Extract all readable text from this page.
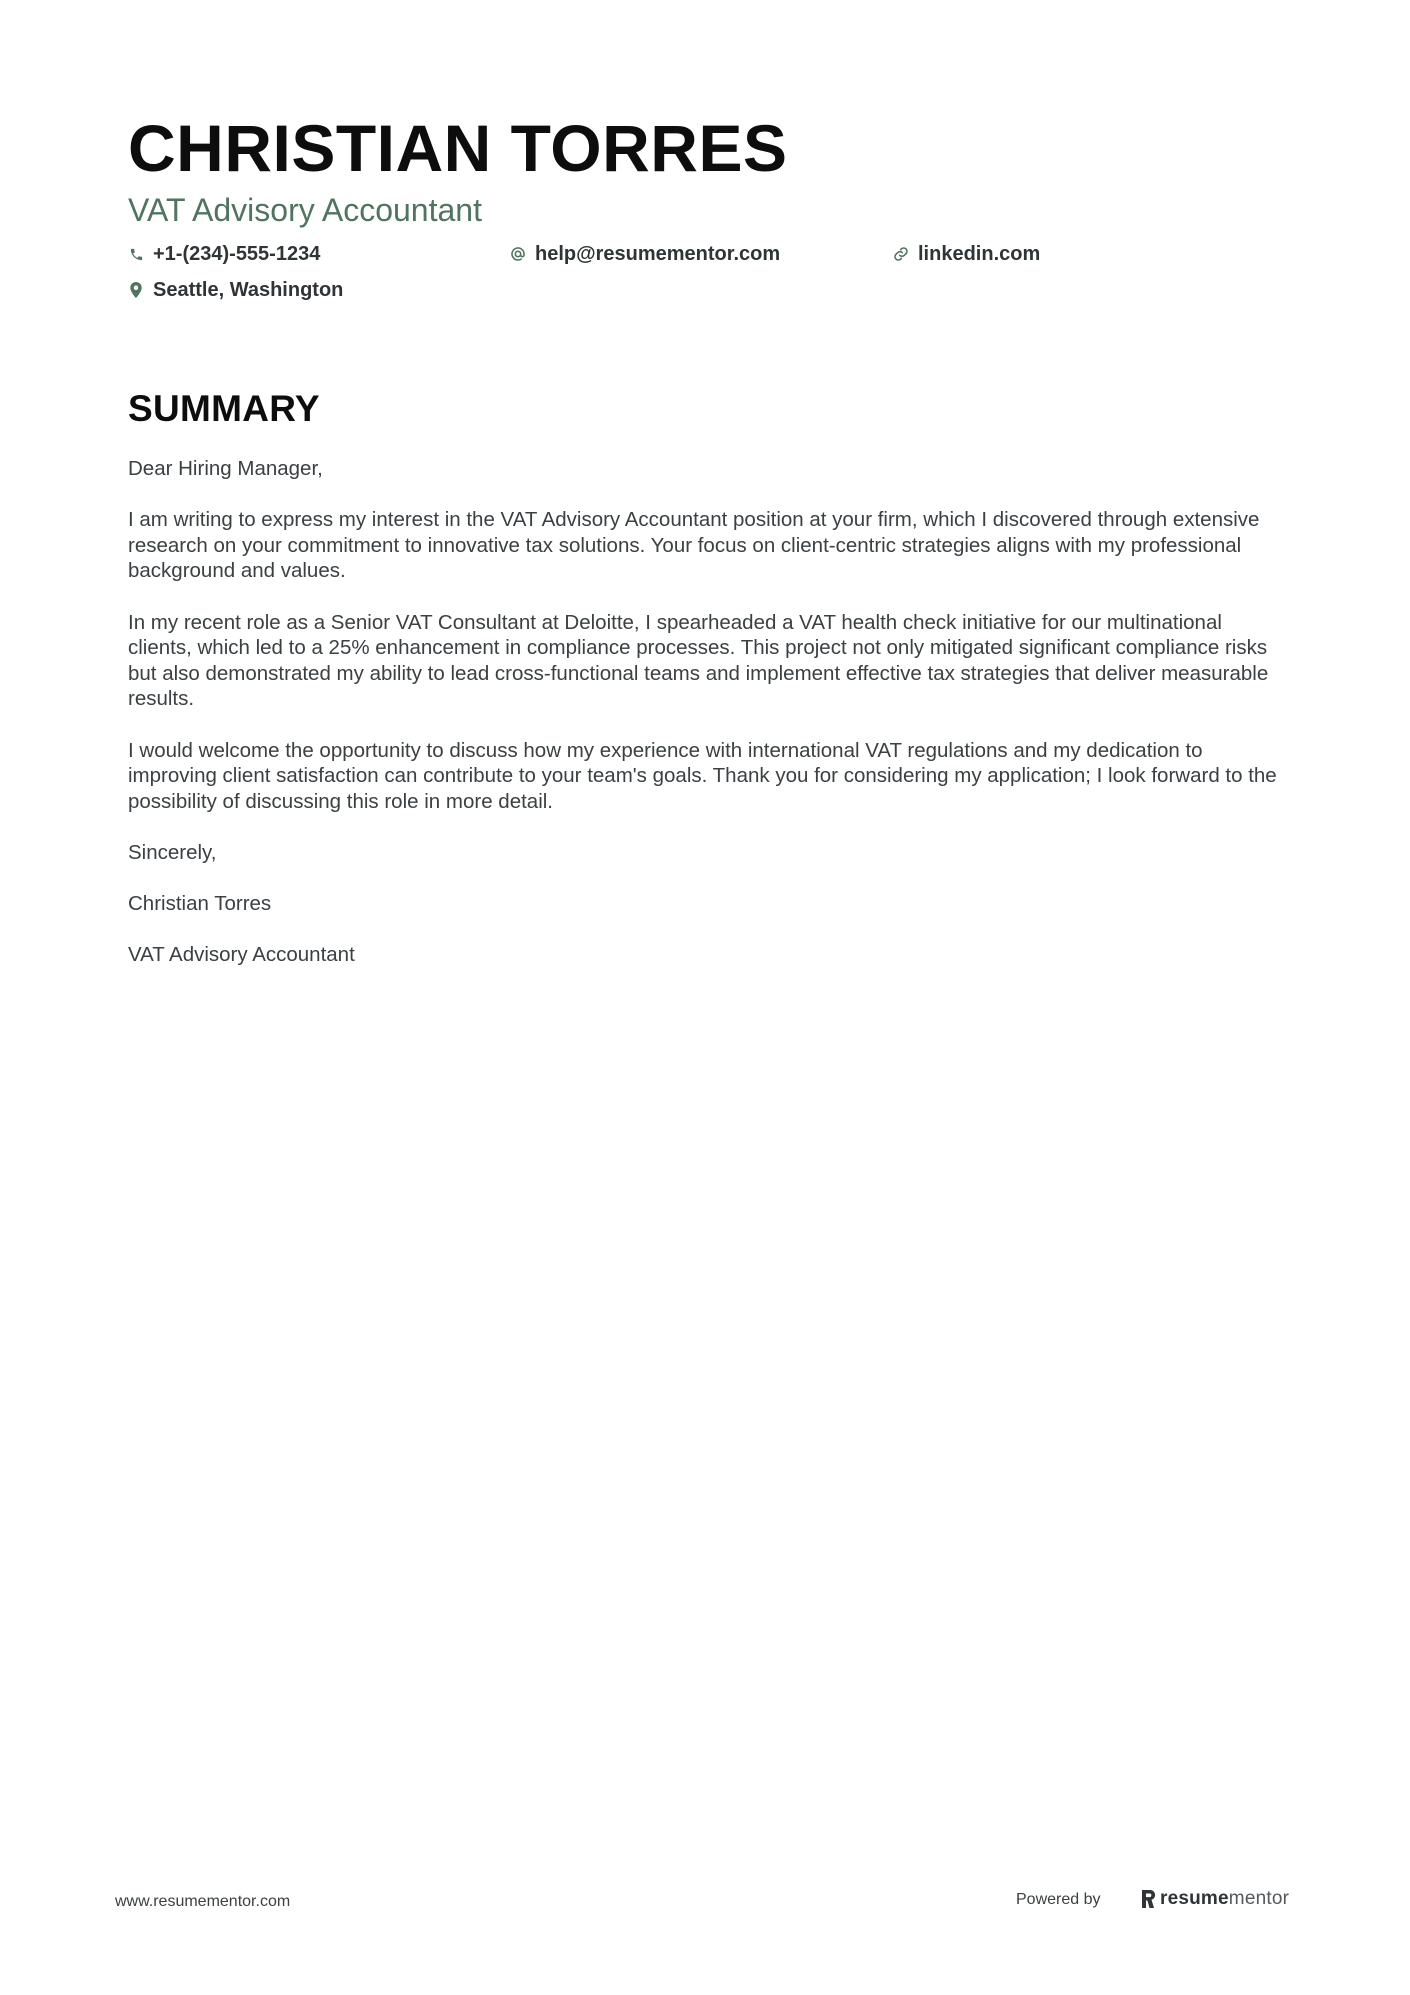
CHRISTIAN TORRES
VAT Advisory Accountant
+1-(234)-555-1234	help@resumementor.com	linkedin.com
Seattle, Washington
SUMMARY

Dear Hiring Manager,

I am writing to express my interest in the VAT Advisory Accountant position at your firm, which I discovered through extensive research on your commitment to innovative tax solutions. Your focus on client-centric strategies aligns with my professional background and values.

In my recent role as a Senior VAT Consultant at Deloitte, I spearheaded a VAT health check initiative for our multinational clients, which led to a 25% enhancement in compliance processes. This project not only mitigated significant compliance risks but also demonstrated my ability to lead cross-functional teams and implement effective tax strategies that deliver measurable results.

I would welcome the opportunity to discuss how my experience with international VAT regulations and my dedication to improving client satisfaction can contribute to your team's goals. Thank you for considering my application; I look forward to the possibility of discussing this role in more detail.

Sincerely,

Christian Torres

VAT Advisory Accountant

www.resumementor.com	Powered by	resumementor
